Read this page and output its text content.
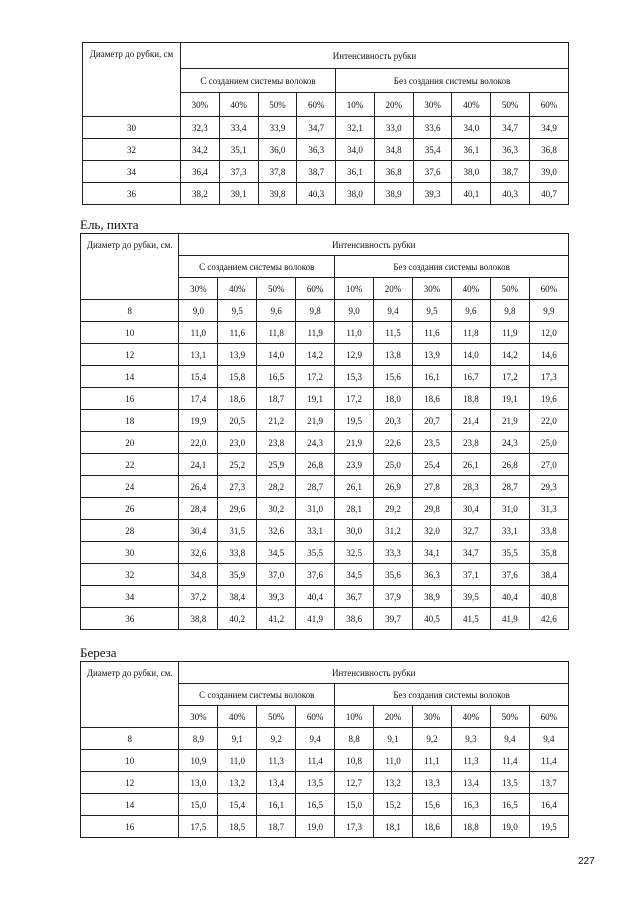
Диаметр до рубки, см	Интенсивность рубки									
	С созданием системы волоков				Без создания системы волоков					
	30%	40%	50%	60%	10%	20%	30%	40%	50%	60%
30	32,3	33,4	33,9	34,7	32,1	33,0	33,6	34,0	34,7	34,9
32	34,2	35,1	36,0	36,3	34,0	34,8	35,4	36,1	36,3	36,8
34	36,4	37,3	37,8	38,7	36,1	36,8	37,6	38,0	38,7	39,0
36	38,2	39,1	39,8	40,3	38,0	38,9	39,3	40,1	40,3	40,7
Ель, пихта
Диаметр до рубки, см.	Интенсивность рубки									
	С созданием системы волоков				Без создания системы волоков					
	30%	40%	50%	60%	10%	20%	30%	40%	50%	60%
8	9,0	9,5	9,6	9,8	9,0	9,4	9,5	9,6	9,8	9,9
10	11,0	11,6	11,8	11,9	11,0	11,5	11,6	11,8	11,9	12,0
12	13,1	13,9	14,0	14,2	12,9	13,8	13,9	14,0	14,2	14,6
14	15,4	15,8	16,5	17,2	15,3	15,6	16,1	16,7	17,2	17,3
16	17,4	18,6	18,7	19,1	17,2	18,0	18,6	18,8	19,1	19,6
18	19,9	20,5	21,2	21,9	19,5	20,3	20,7	21,4	21,9	22,0
20	22,0	23,0	23,8	24,3	21,9	22,6	23,5	23,8	24,3	25,0
22	24,1	25,2	25,9	26,8	23,9	25,0	25,4	26,1	26,8	27,0
24	26,4	27,3	28,2	28,7	26,1	26,9	27,8	28,3	28,7	29,3
26	28,4	29,6	30,2	31,0	28,1	29,2	29,8	30,4	31,0	31,3
28	30,4	31,5	32,6	33,1	30,0	31,2	32,0	32,7	33,1	33,8
30	32,6	33,8	34,5	35,5	32,5	33,3	34,1	34,7	35,5	35,8
32	34,8	35,9	37,0	37,6	34,5	35,6	36,3	37,1	37,6	38,4
34	37,2	38,4	39,3	40,4	36,7	37,9	38,9	39,5	40,4	40,8
36	38,8	40,2	41,2	41,9	38,6	39,7	40,5	41,5	41,9	42,6
Береза
Диаметр до рубки, см.	Интенсивность рубки									
	С созданием системы волоков				Без создания системы волоков					
	30%	40%	50%	60%	10%	20%	30%	40%	50%	60%
8	8,9	9,1	9,2	9,4	8,8	9,1	9,2	9,3	9,4	9,4
10	10,9	11,0	11,3	11,4	10,8	11,0	11,1	11,3	11,4	11,4
12	13,0	13,2	13,4	13,5	12,7	13,2	13,3	13,4	13,5	13,7
14	15,0	15,4	16,1	16,5	15,0	15,2	15,6	16,3	16,5	16,4
16	17,5	18,5	18,7	19,0	17,3	18,1	18,6	18,8	19,0	19,5
227
